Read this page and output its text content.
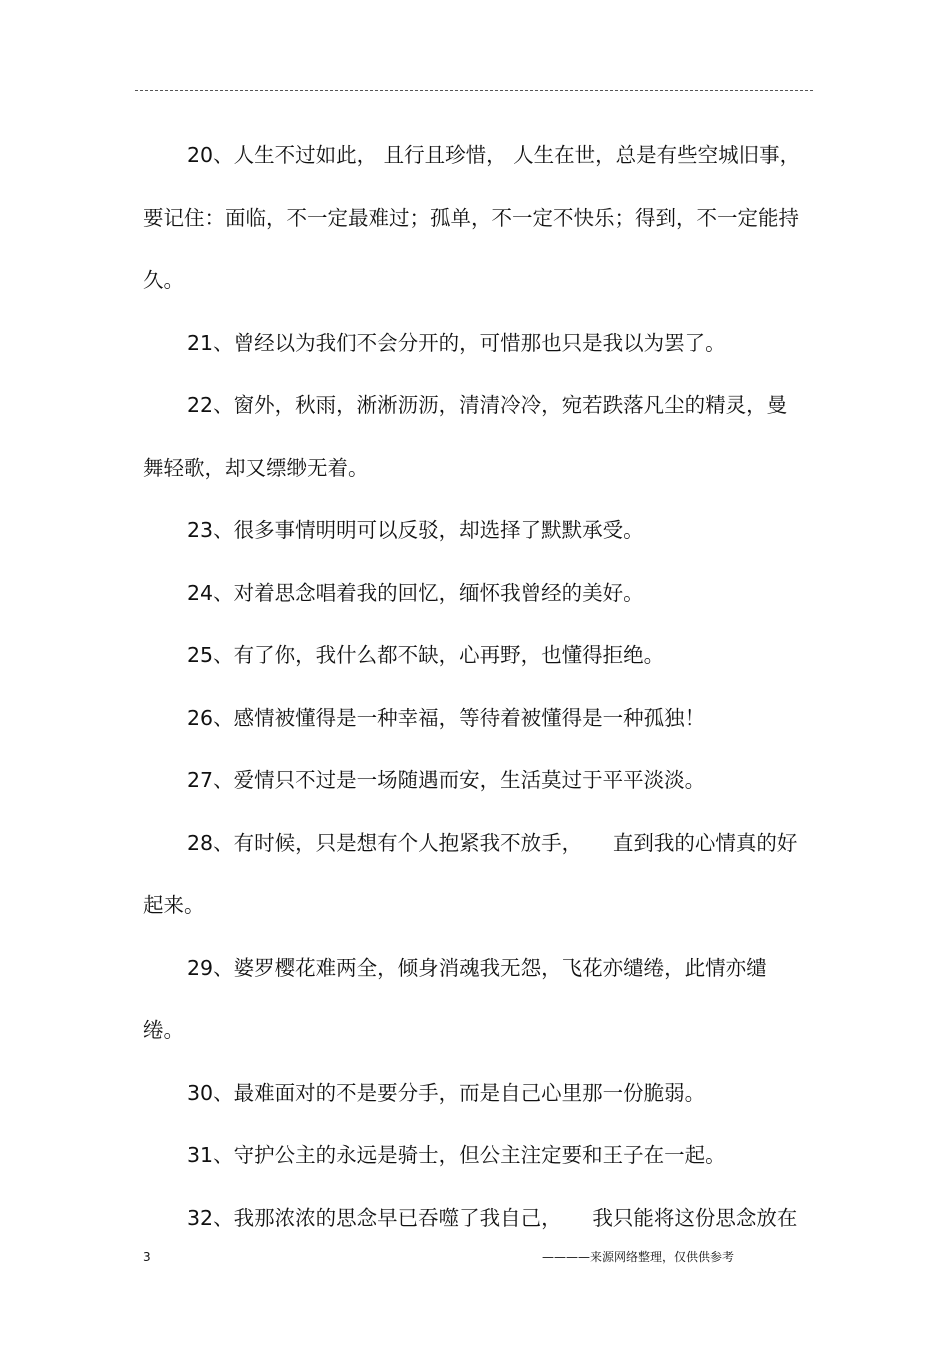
20、人生不过如此， 且行且珍惜， 人生在世，总是有些空城旧事，要记住：面临，不一定最难过；孤单，不一定不快乐；得到，不一定能持久。

21、曾经以为我们不会分开的，可惜那也只是我以为罢了。

22、窗外，秋雨，淅淅沥沥，清清冷冷，宛若跌落凡尘的精灵，曼舞轻歌，却又缥缈无着。

23、很多事情明明可以反驳，却选择了默默承受。

24、对着思念唱着我的回忆，缅怀我曾经的美好。

25、有了你，我什么都不缺，心再野，也懂得拒绝。

26、感情被懂得是一种幸福，等待着被懂得是一种孤独！

27、爱情只不过是一场随遇而安，生活莫过于平平淡淡。

28、有时候，只是想有个人抱紧我不放手，　　直到我的心情真的好起来。

29、婆罗樱花难两全，倾身消魂我无怨，飞花亦缱绻，此情亦缱绻。

30、最难面对的不是要分手，而是自己心里那一份脆弱。

31、守护公主的永远是骑士，但公主注定要和王子在一起。

32、我那浓浓的思念早已吞噬了我自己，　　我只能将这份思念放在

3	————来源网络整理，仅供供参考
